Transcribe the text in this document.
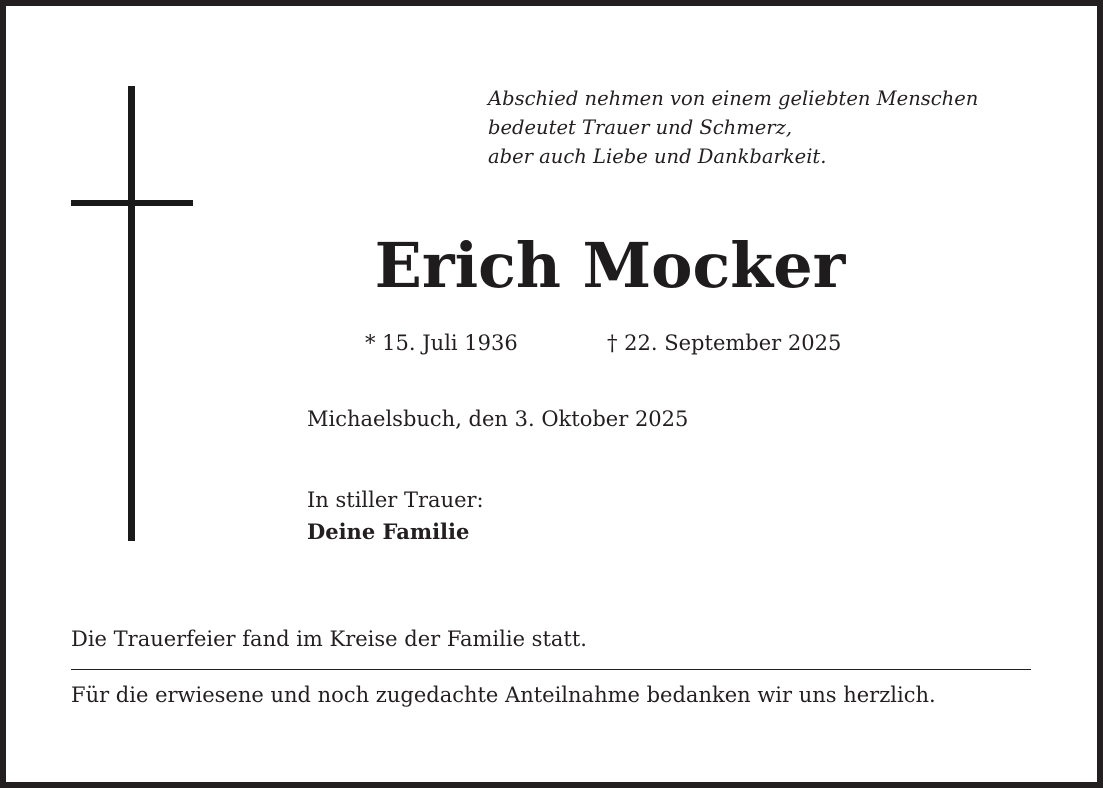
Abschied nehmen von einem geliebten Menschen
bedeutet Trauer und Schmerz,
aber auch Liebe und Dankbarkeit.
Erich Mocker
* 15. Juli 1936	† 22. September 2025
Michaelsbuch, den 3. Oktober 2025
In stiller Trauer:
Deine Familie
Die Trauerfeier fand im Kreise der Familie statt.
Für die erwiesene und noch zugedachte Anteilnahme bedanken wir uns herzlich.
